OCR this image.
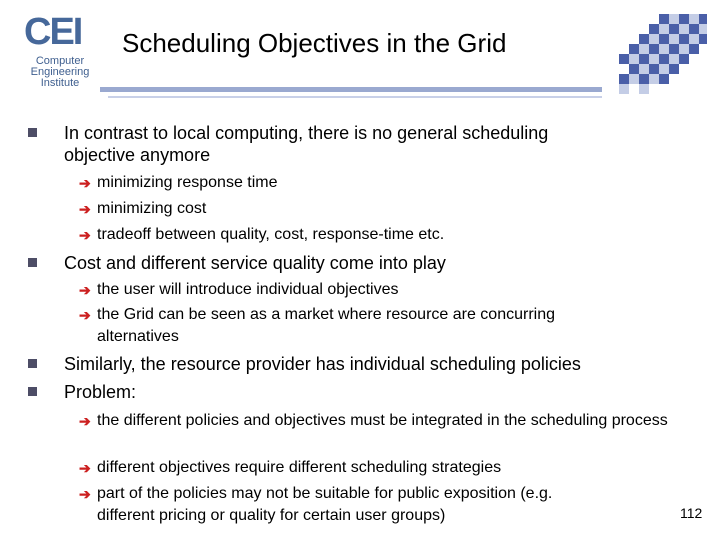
CEI
Computer
Engineering
Institute
Scheduling Objectives in the Grid
In contrast to local computing, there is no general scheduling objective anymore
➔ minimizing response time
➔ minimizing cost
➔ tradeoff between quality, cost, response-time etc.
Cost and different service quality come into play
➔ the user will introduce individual objectives
➔ the Grid can be seen as a market where resource are concurring alternatives
Similarly, the resource provider has individual scheduling policies
Problem:
➔ the different policies and objectives must be integrated in the scheduling process
➔ different objectives require different scheduling strategies
➔ part of the policies may not be suitable for public exposition (e.g. different pricing or quality for certain user groups)	112
